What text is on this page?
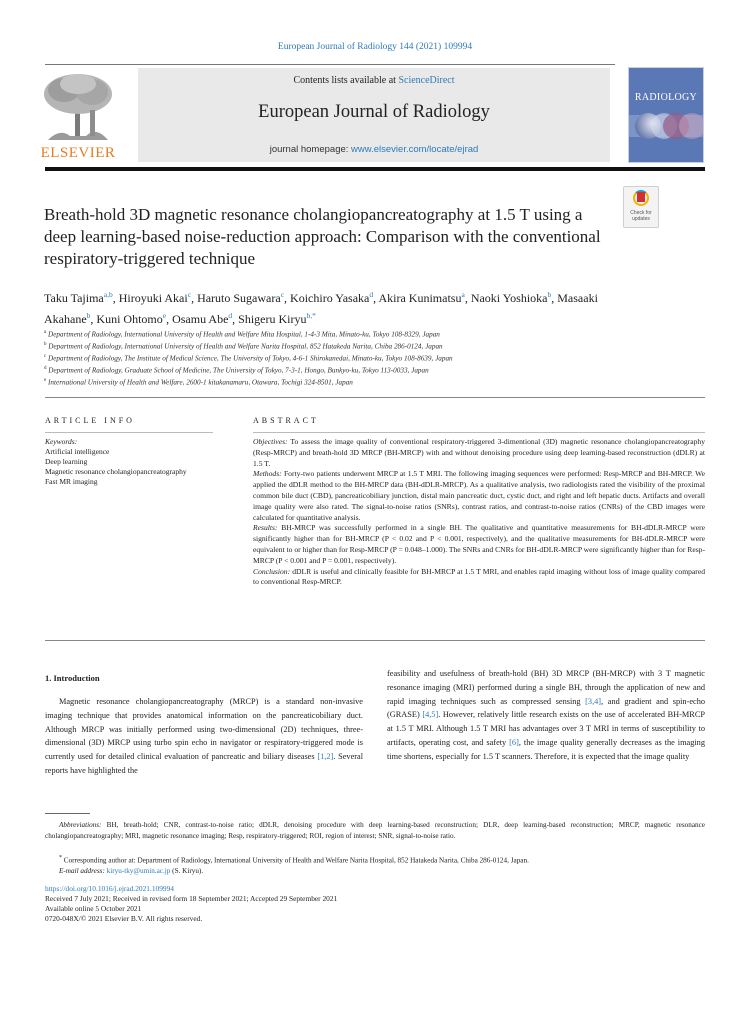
European Journal of Radiology 144 (2021) 109994
ELSEVIER
Contents lists available at ScienceDirect
European Journal of Radiology
journal homepage: www.elsevier.com/locate/ejrad
RADIOLOGY
Breath-hold 3D magnetic resonance cholangiopancreatography at 1.5 T using a deep learning-based noise-reduction approach: Comparison with the conventional respiratory-triggered technique
Check for
updates
Taku Tajima$^{a,b}$, Hiroyuki Akai$^c$, Haruto Sugawara$^c$, Koichiro Yasaka$^d$, Akira Kunimatsu$^a$, Naoki Yoshioka$^b$, Masaaki Akahane$^b$, Kuni Ohtomo$^e$, Osamu Abe$^d$, Shigeru Kiryu$^{b,*}$
$^a$ Department of Radiology, International University of Health and Welfare Mita Hospital, 1-4-3 Mita, Minato-ku, Tokyo 108-8329, Japan
$^b$ Department of Radiology, International University of Health and Welfare Narita Hospital, 852 Hatakeda Narita, Chiba 286-0124, Japan
$^c$ Department of Radiology, The Institute of Medical Science, The University of Tokyo, 4-6-1 Shirokanedai, Minato-ku, Tokyo 108-8639, Japan
$^d$ Department of Radiology, Graduate School of Medicine, The University of Tokyo, 7-3-1, Hongo, Bunkyo-ku, Tokyo 113-0033, Japan
$^e$ International University of Health and Welfare, 2600-1 kitakanamaru, Otawara, Tochigi 324-8501, Japan
ARTICLE INFO
Keywords:
Artificial intelligence
Deep learning
Magnetic resonance cholangiopancreatography
Fast MR imaging
ABSTRACT

Objectives: To assess the image quality of conventional respiratory-triggered 3-dimentional (3D) magnetic resonance cholangiopancreatography (Resp-MRCP) and breath-hold 3D MRCP (BH-MRCP) with and without denoising procedure using deep learning-based reconstruction (dDLR) at 1.5 T.

Methods: Forty-two patients underwent MRCP at 1.5 T MRI. The following imaging sequences were performed: Resp-MRCP and BH-MRCP. We applied the dDLR method to the BH-MRCP data (BH-dDLR-MRCP). As a qualitative analysis, two radiologists rated the visibility of the proximal common bile duct (CBD), pancreaticobiliary junction, distal main pancreatic duct, cystic duct, and right and left hepatic ducts. Artifacts and overall image quality were also rated. The signal-to-noise ratios (SNRs), contrast ratios, and contrast-to-noise ratios (CNRs) of the CBD images were calculated for quantitative analysis.

Results: BH-MRCP was successfully performed in a single BH. The qualitative and quantitative measurements for BH-dDLR-MRCP were significantly higher than for BH-MRCP (P < 0.02 and P < 0.001, respectively), and the qualitative measurements for BH-dDLR-MRCP were equivalent to or higher than for Resp-MRCP (P = 0.048–1.000). The SNRs and CNRs for BH-dDLR-MRCP were significantly higher than for Resp-MRCP (P < 0.001 and P = 0.001, respectively).

Conclusion: dDLR is useful and clinically feasible for BH-MRCP at 1.5 T MRI, and enables rapid imaging without loss of image quality compared to conventional Resp-MRCP.

1. Introduction
Magnetic resonance cholangiopancreatography (MRCP) is a standard non-invasive imaging technique that provides anatomical information on the pancreaticobiliary duct. Although MRCP was initially performed using two-dimensional (2D) techniques, three-dimensional (3D) MRCP using turbo spin echo in navigator or respiratory-triggered mode is currently used for detailed clinical evaluation of pancreatic and biliary diseases [1,2]. Several reports have highlighted the
feasibility and usefulness of breath-hold (BH) 3D MRCP (BH-MRCP) with 3 T magnetic resonance imaging (MRI) performed during a single BH, through the application of new and rapid imaging techniques such as compressed sensing [3,4], and gradient and spin-echo (GRASE) [4,5]. However, relatively little research exists on the use of accelerated BH-MRCP at 1.5 T MRI. Although 1.5 T MRI has advantages over 3 T MRI in terms of susceptibility to artifacts, operating cost, and safety [6], the image quality generally decreases as the imaging time shortens, especially for 1.5 T scanners. Therefore, it is expected that the image quality
Abbreviations: BH, breath-hold; CNR, contrast-to-noise ratio; dDLR, denoising procedure with deep learning-based reconstruction; DLR, deep learning-based reconstruction; MRCP, magnetic resonance cholangiopancreatography; MRI, magnetic resonance imaging; Resp, respiratory-triggered; ROI, region of interest; SNR, signal-to-noise ratio.
* Corresponding author at: Department of Radiology, International University of Health and Welfare Narita Hospital, 852 Hatakeda Narita, Chiba 286-0124, Japan.
E-mail address: kiryu-tky@umin.ac.jp (S. Kiryu).
https://doi.org/10.1016/j.ejrad.2021.109994
Received 7 July 2021; Received in revised form 18 September 2021; Accepted 29 September 2021
Available online 5 October 2021
0720-048X/© 2021 Elsevier B.V. All rights reserved.
